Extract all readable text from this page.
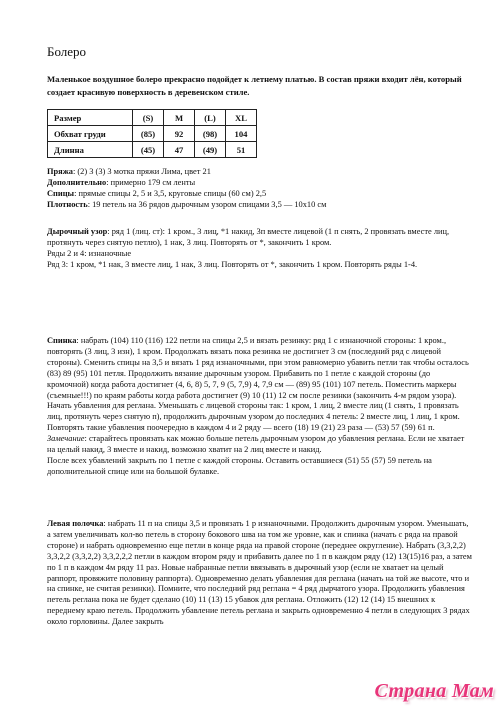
Болеро
Маленькое воздушное болеро прекрасно подойдет к летнему платью. В состав пряжи входит лён, который создает красивую поверхность в деревенском стиле.
Размер	(S)	M	(L)	XL
Обхват груди	(85)	92	(98)	104
Длинна	(45)	47	(49)	51
Пряжа: (2) 3 (3) 3 мотка пряжи Лима, цвет 21
Дополнительно: примерно 179 см ленты
Спицы: прямые спицы 2, 5 и 3,5, круговые спицы (60 см) 2,5
Плотность: 19 петель на 36 рядов дырочным узором спицами 3,5 — 10х10 см
Дырочный узор: ряд 1 (лиц. ст): 1 кром., 3 лиц, *1 накид, 3п вместе лицевой (1 п снять, 2 провязать вместе лиц, протянуть через снятую петлю), 1 нак, 3 лиц. Повторять от *, закончить 1 кром.
Ряды 2 и 4: изнаночные
Ряд 3: 1 кром, *1 нак, 3 вместе лиц, 1 нак, 3 лиц. Повторять от *, закончить 1 кром. Повторять ряды 1-4.
Спинка: набрать (104) 110 (116) 122 петли на спицы 2,5 и вязать резинку: ряд 1 с изнаночной стороны: 1 кром., повторять (3 лиц, 3 изн), 1 кром. Продолжать вязать пока резинка не достигнет 3 см (последний ряд с лицевой стороны). Сменить спицы на 3,5 и вязать 1 ряд изнаночными, при этом равномерно убавить петли так чтобы осталось (83) 89 (95) 101 петля. Продолжить вязание дырочным узором. Прибавить по 1 петле с каждой стороны (до кромочной) когда работа достигнет (4, 6, 8) 5, 7, 9 (5, 7,9) 4, 7,9 см — (89) 95 (101) 107 петель. Поместить маркеры (съемные!!!) по краям работы когда работа достигнет (9) 10 (11) 12 см после резинки (закончить 4-м рядом узора).
Начать убавления для реглана. Уменьшать с лицевой стороны так: 1 кром, 1 лиц, 2 вместе лиц (1 снять, 1 провязать лиц, протянуть через снятую п), продолжить дырочным узором до последних 4 петель: 2 вместе лиц, 1 лиц, 1 кром. Повторять такие убавления поочередно в каждом 4 и 2 ряду — всего (18) 19 (21) 23 раза — (53) 57 (59) 61 п.
Замечание: старайтесь провязать как можно больше петель дырочным узором до убавления реглана. Если не хватает на целый накид, 3 вместе и накид, возможно хватит на 2 лиц вместе и накид.
После всех убавлений закрыть по 1 петле с каждой стороны. Оставить оставшиеся (51) 55 (57) 59 петель на дополнительной спице или на большой булавке.
Левая полочка: набрать 11 п на спицы 3,5 и провязать 1 р изнаночными. Продолжить дырочным узором. Уменьшать, а затем увеличивать кол-во петель в сторону бокового шва на том же уровне, как и спинка (начать с ряда на правой стороне) и набрать одновременно еще петли в конце ряда на правой стороне (переднее округление). Набрать (3,3,2,2) 3,3,2,2 (3,3,2,2) 3,3,2,2,2 петли в каждом втором ряду и прибавить далее по 1 п в каждом ряду (12) 13(15)16 раз, а затем по 1 п в каждом 4м ряду 11 раз. Новые набранные петли ввязывать в дырочный узор (если не хватает на целый раппорт, провяжите половину раппорта). Одновременно делать убавления для реглана (начать на той же высоте, что и на спинке, не считая резинки). Помните, что последний ряд реглана = 4 ряд дырчатого узора. Продолжить убавления петель реглана пока не будет сделано (10) 11 (13) 15 убавок для реглана. Отложить (12) 12 (14) 15 внешних к переднему краю петель. Продолжить убавление петель реглана и закрыть одновременно 4 петли в следующих 3 рядах около горловины. Далее закрыть
Страна Мам
